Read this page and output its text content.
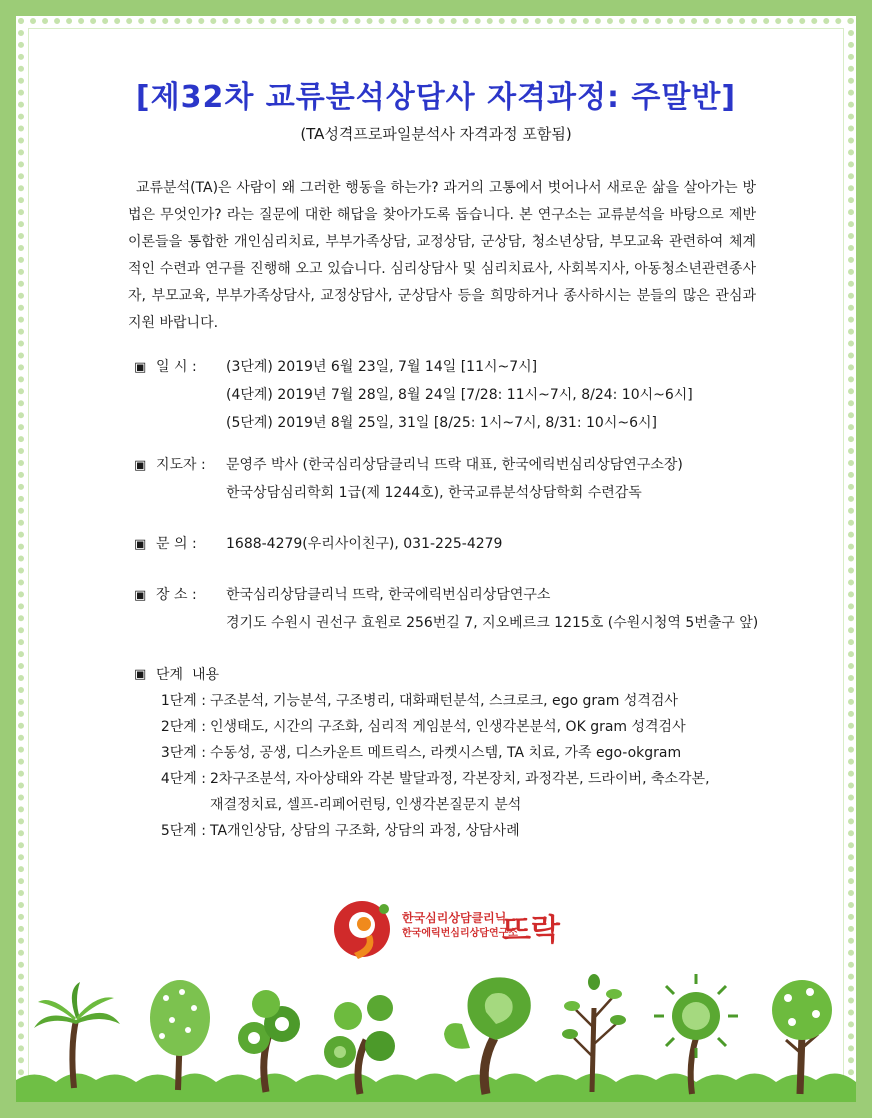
[제32차 교류분석상담사 자격과정: 주말반]

(TA성격프로파일분석사 자격과정 포함됨)

교류분석(TA)은 사람이 왜 그러한 행동을 하는가? 과거의 고통에서 벗어나서 새로운 삶을 살아가는 방법은 무엇인가? 라는 질문에 대한 해답을 찾아가도록 돕습니다. 본 연구소는 교류분석을 바탕으로 제반 이론들을 통합한 개인심리치료, 부부가족상담, 교정상담, 군상담, 청소년상담, 부모교육 관련하여 체계적인 수련과 연구를 진행해 오고 있습니다. 심리상담사 및 심리치료사, 사회복지사, 아동청소년관련종사자, 부모교육, 부부가족상담사, 교정상담사, 군상담사 등을 희망하거나 종사하시는 분들의 많은 관심과 지원 바랍니다.

▣ 일 시 :	(3단계) 2019년 6월 23일, 7월 14일 [11시~7시]
(4단계) 2019년 7월 28일, 8월 24일 [7/28: 11시~7시, 8/24: 10시~6시]
(5단계) 2019년 8월 25일, 31일 [8/25: 1시~7시, 8/31: 10시~6시]
▣ 지도자 :	문영주 박사 (한국심리상담클리닉 뜨락 대표, 한국에릭번심리상담연구소장)
한국상담심리학회 1급(제 1244호), 한국교류분석상담학회 수련감독
▣ 문 의 :	1688-4279(우리사이친구), 031-225-4279
▣ 장 소 :	한국심리상담클리닉 뜨락, 한국에릭번심리상담연구소
경기도 수원시 권선구 효원로 256번길 7, 지오베르크 1215호 (수원시청역 5번출구 앞)
▣ 단계  내용
1단계 : 구조분석, 기능분석, 구조병리, 대화패턴분석, 스크로크, ego gram 성격검사
2단계 : 인생태도, 시간의 구조화, 심리적 게임분석, 인생각본분석, OK gram 성격검사
3단계 : 수동성, 공생, 디스카운트 메트릭스, 라켓시스템, TA 치료, 가족 ego-okgram
4단계 : 2차구조분석, 자아상태와 각본 발달과정, 각본장치, 과정각본, 드라이버, 축소각본,
재결정치료, 셀프-리페어런팅, 인생각본질문지 분석
5단계 : TA개인상담, 상담의 구조화, 상담의 과정, 상담사례
한국심리상담클리닉
한국에릭번심리상담연구소
뜨락
